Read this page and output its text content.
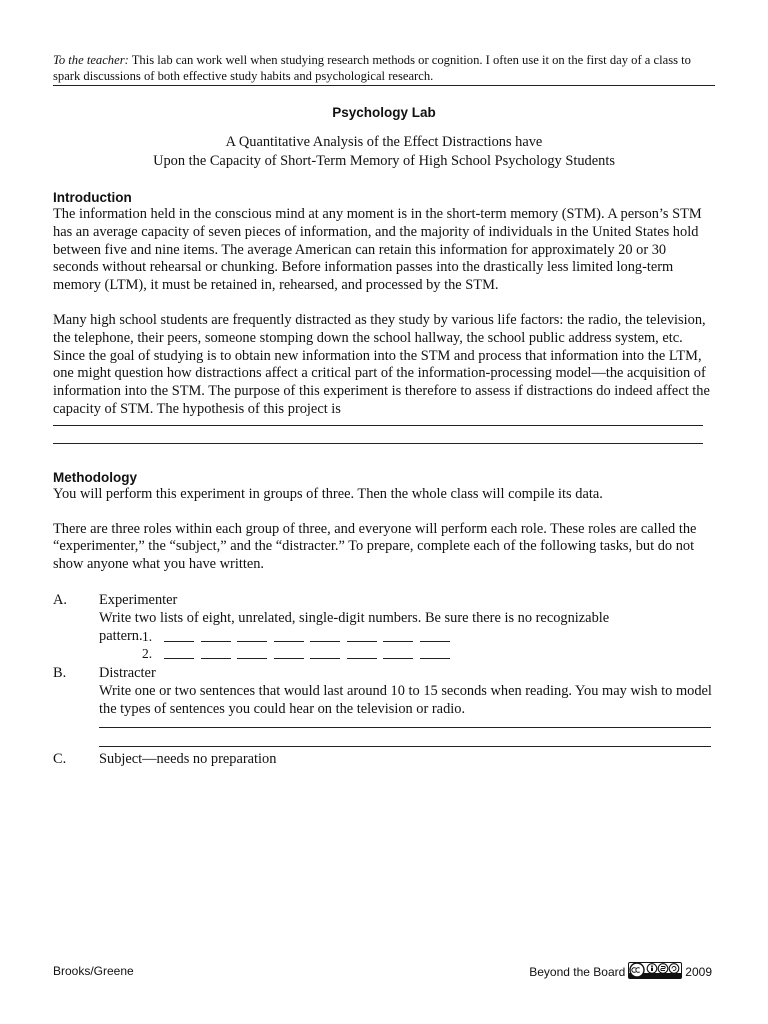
To the teacher: This lab can work well when studying research methods or cognition. I often use it on the first day of a class to spark discussions of both effective study habits and psychological research.
Psychology Lab
A Quantitative Analysis of the Effect Distractions have
Upon the Capacity of Short-Term Memory of High School Psychology Students
Introduction

The information held in the conscious mind at any moment is in the short-term memory (STM). A person’s STM has an average capacity of seven pieces of information, and the majority of individuals in the United States hold between five and nine items. The average American can retain this information for approximately 20 or 30 seconds without rehearsal or chunking. Before information passes into the drastically less limited long-term memory (LTM), it must be retained in, rehearsed, and processed by the STM.

Many high school students are frequently distracted as they study by various life factors: the radio, the television, the telephone, their peers, someone stomping down the school hallway, the school public address system, etc. Since the goal of studying is to obtain new information into the STM and process that information into the LTM, one might question how distractions affect a critical part of the information-processing model—the acquisition of information into the STM. The purpose of this experiment is therefore to assess if distractions do indeed affect the capacity of STM. The hypothesis of this project is

Methodology

You will perform this experiment in groups of three. Then the whole class will compile its data.

There are three roles within each group of three, and everyone will perform each role. These roles are called the “experimenter,” the “subject,” and the “distracter.” To prepare, complete each of the following tasks, but do not show anyone what you have written.

A.	Experimenter
Write two lists of eight, unrelated, single-digit numbers. Be sure there is no recognizable
pattern. 1.
2.
B.	Distracter
Write one or two sentences that would last around 10 to 15 seconds when reading. You may wish to model the types of sentences you could hear on the television or radio.
C.	Subject—needs no preparation
Brooks/Greene	Beyond the Board	2009
